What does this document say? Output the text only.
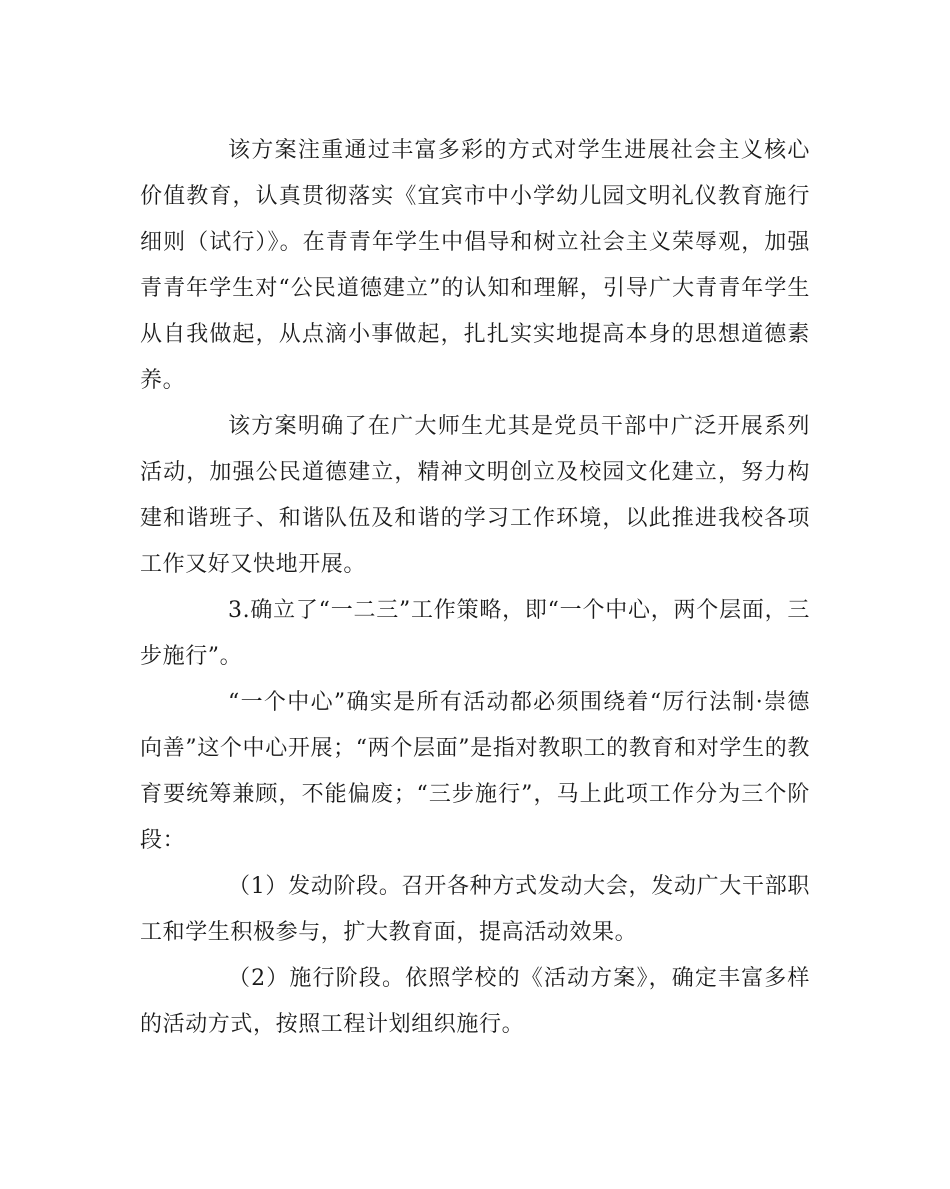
该方案注重通过丰富多彩的方式对学生进展社会主义核心价值教育，认真贯彻落实《宜宾市中小学幼儿园文明礼仪教育施行细则（试行）》。在青青年学生中倡导和树立社会主义荣辱观，加强青青年学生对“公民道德建立”的认知和理解，引导广大青青年学生从自我做起，从点滴小事做起，扎扎实实地提高本身的思想道德素养。

该方案明确了在广大师生尤其是党员干部中广泛开展系列活动，加强公民道德建立，精神文明创立及校园文化建立，努力构建和谐班子、和谐队伍及和谐的学习工作环境，以此推进我校各项工作又好又快地开展。

3.确立了“一二三”工作策略，即“一个中心，两个层面，三步施行”。

“一个中心”确实是所有活动都必须围绕着“厉行法制·崇德向善”这个中心开展；“两个层面”是指对教职工的教育和对学生的教育要统筹兼顾，不能偏废；“三步施行”，马上此项工作分为三个阶段：

（1）发动阶段。召开各种方式发动大会，发动广大干部职工和学生积极参与，扩大教育面，提高活动效果。

（2）施行阶段。依照学校的《活动方案》，确定丰富多样的活动方式，按照工程计划组织施行。
